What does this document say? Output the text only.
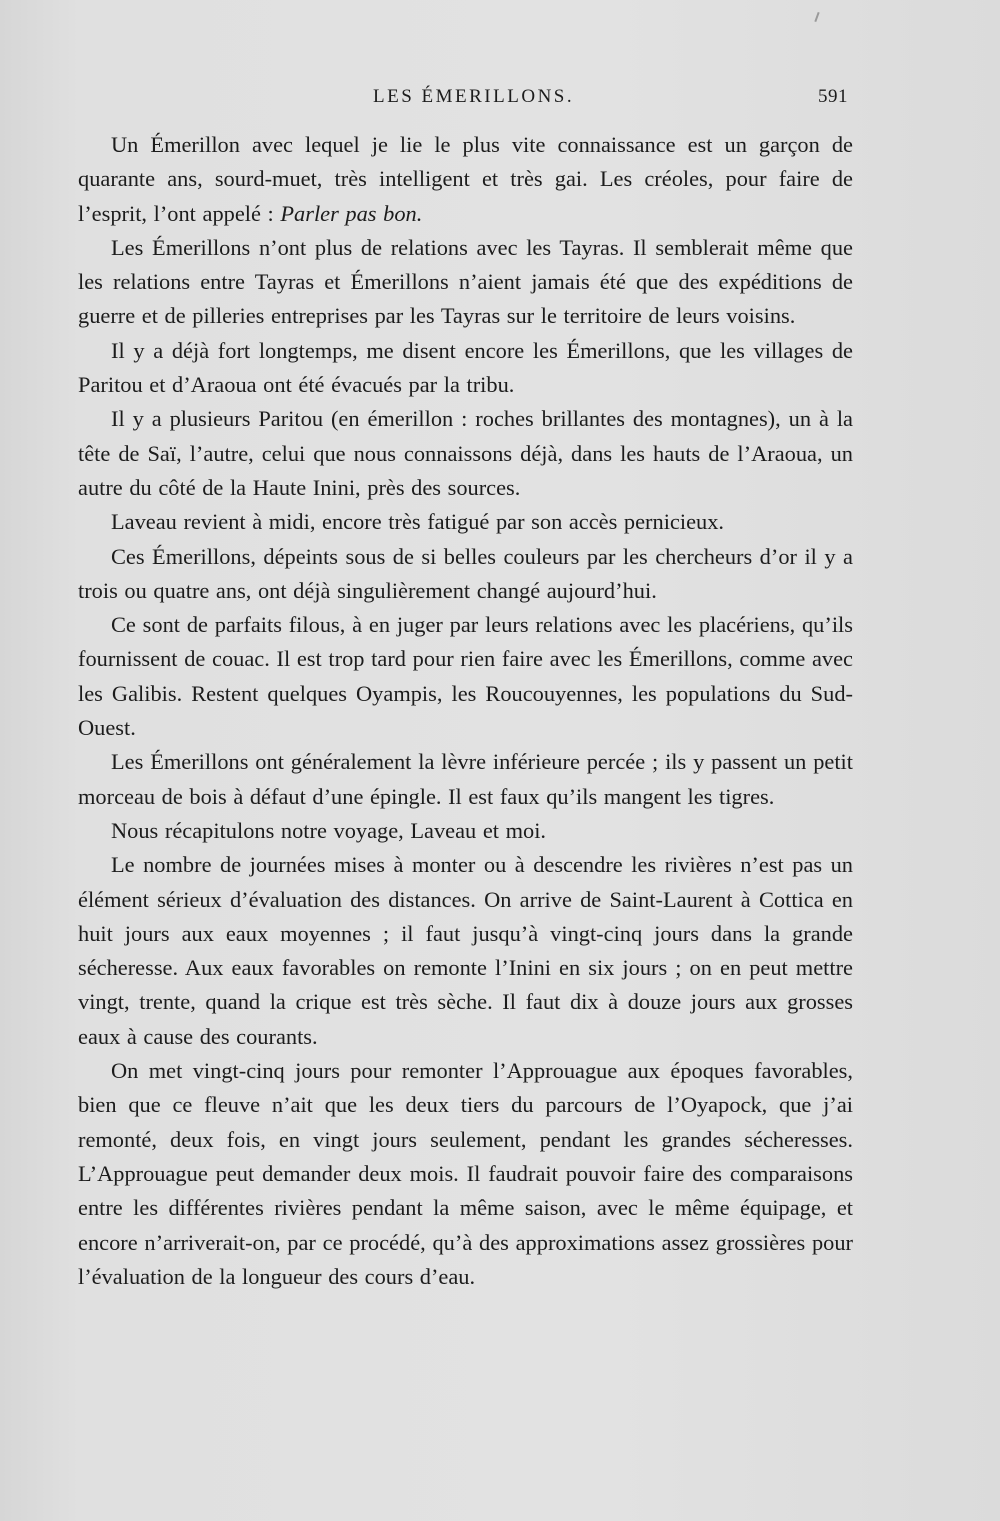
LES ÉMERILLONS.	591

Un Émerillon avec lequel je lie le plus vite connaissance est un garçon de quarante ans, sourd-muet, très intelligent et très gai. Les créoles, pour faire de l’esprit, l’ont appelé : Parler pas bon.

Les Émerillons n’ont plus de relations avec les Tayras. Il semblerait même que les relations entre Tayras et Émerillons n’aient jamais été que des expéditions de guerre et de pilleries entreprises par les Tayras sur le territoire de leurs voisins.

Il y a déjà fort longtemps, me disent encore les Émerillons, que les villages de Paritou et d’Araoua ont été évacués par la tribu.

Il y a plusieurs Paritou (en émerillon : roches brillantes des montagnes), un à la tête de Saï, l’autre, celui que nous connaissons déjà, dans les hauts de l’Araoua, un autre du côté de la Haute Inini, près des sources.

Laveau revient à midi, encore très fatigué par son accès pernicieux.

Ces Émerillons, dépeints sous de si belles couleurs par les chercheurs d’or il y a trois ou quatre ans, ont déjà singulièrement changé aujourd’hui.

Ce sont de parfaits filous, à en juger par leurs relations avec les placériens, qu’ils fournissent de couac. Il est trop tard pour rien faire avec les Émerillons, comme avec les Galibis. Restent quelques Oyampis, les Roucouyennes, les populations du Sud-Ouest.

Les Émerillons ont généralement la lèvre inférieure percée ; ils y passent un petit morceau de bois à défaut d’une épingle. Il est faux qu’ils mangent les tigres.

Nous récapitulons notre voyage, Laveau et moi.

Le nombre de journées mises à monter ou à descendre les rivières n’est pas un élément sérieux d’évaluation des distances. On arrive de Saint-Laurent à Cottica en huit jours aux eaux moyennes ; il faut jusqu’à vingt-cinq jours dans la grande sécheresse. Aux eaux favorables on remonte l’Inini en six jours ; on en peut mettre vingt, trente, quand la crique est très sèche. Il faut dix à douze jours aux grosses eaux à cause des courants.

On met vingt-cinq jours pour remonter l’Approuague aux époques favorables, bien que ce fleuve n’ait que les deux tiers du parcours de l’Oyapock, que j’ai remonté, deux fois, en vingt jours seulement, pendant les grandes sécheresses. L’Approuague peut demander deux mois. Il faudrait pouvoir faire des comparaisons entre les différentes rivières pendant la même saison, avec le même équipage, et encore n’arriverait-on, par ce procédé, qu’à des approximations assez grossières pour l’évaluation de la longueur des cours d’eau.
